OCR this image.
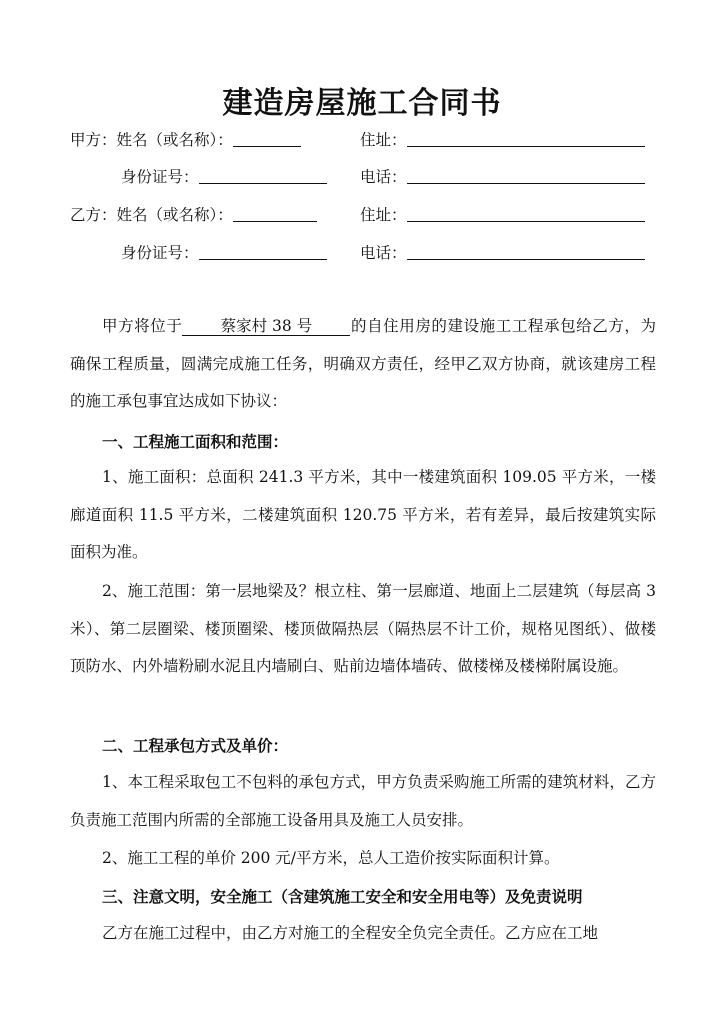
建造房屋施工合同书
甲方：姓名（或名称）：	住址：
身份证号：	电话：
乙方：姓名（或名称）：	住址：
身份证号：	电话：
甲方将位于 蔡家村 38 号 的自住用房的建设施工工程承包给乙方，为确保工程质量，圆满完成施工任务，明确双方责任，经甲乙双方协商，就该建房工程的施工承包事宜达成如下协议：
一、工程施工面积和范围：
1、施工面积：总面积 241.3 平方米，其中一楼建筑面积 109.05 平方米，一楼廊道面积 11.5 平方米，二楼建筑面积 120.75 平方米，若有差异，最后按建筑实际面积为准。
2、施工范围：第一层地梁及？根立柱、第一层廊道、地面上二层建筑（每层高 3 米）、第二层圈梁、楼顶圈梁、楼顶做隔热层（隔热层不计工价，规格见图纸）、做楼顶防水、内外墙粉刷水泥且内墙刷白、贴前边墙体墙砖、做楼梯及楼梯附属设施。
二、工程承包方式及单价：
1、本工程采取包工不包料的承包方式，甲方负责采购施工所需的建筑材料，乙方负责施工范围内所需的全部施工设备用具及施工人员安排。
2、施工工程的单价 200 元/平方米，总人工造价按实际面积计算。
三、注意文明，安全施工（含建筑施工安全和安全用电等）及免责说明
乙方在施工过程中，由乙方对施工的全程安全负完全责任。乙方应在工地
